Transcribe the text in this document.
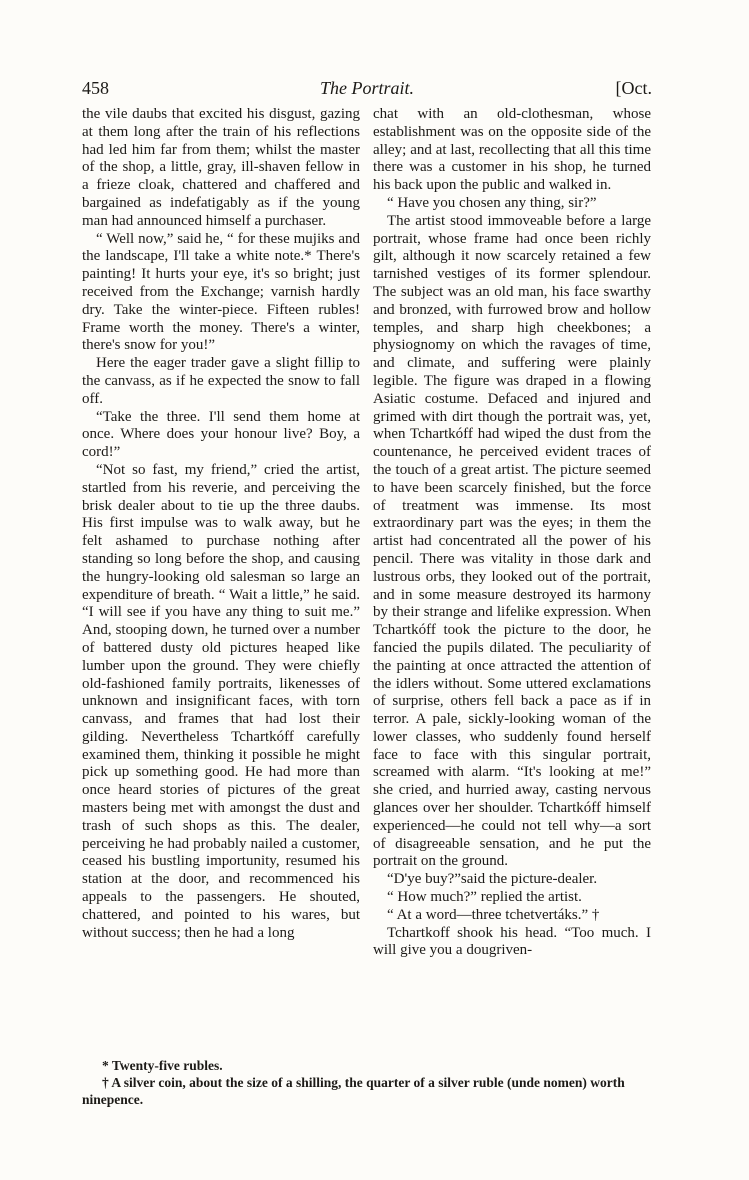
458	The Portrait.	[Oct.

the vile daubs that excited his disgust, gazing at them long after the train of his reflections had led him far from them; whilst the master of the shop, a little, gray, ill-shaven fellow in a frieze cloak, chattered and chaffered and bargained as indefatigably as if the young man had announced himself a purchaser.

“ Well now,” said he, “ for these mujiks and the landscape, I'll take a white note.* There's painting! It hurts your eye, it's so bright; just received from the Exchange; varnish hardly dry. Take the winter-piece. Fifteen rubles! Frame worth the money. There's a winter, there's snow for you!”

Here the eager trader gave a slight fillip to the canvass, as if he expected the snow to fall off.

“Take the three. I'll send them home at once. Where does your honour live? Boy, a cord!”

“Not so fast, my friend,” cried the artist, startled from his reverie, and perceiving the brisk dealer about to tie up the three daubs. His first impulse was to walk away, but he felt ashamed to purchase nothing after standing so long before the shop, and causing the hungry-looking old salesman so large an expenditure of breath. “ Wait a little,” he said. “I will see if you have any thing to suit me.” And, stooping down, he turned over a number of battered dusty old pictures heaped like lumber upon the ground. They were chiefly old-fashioned family portraits, likenesses of unknown and insignificant faces, with torn canvass, and frames that had lost their gilding. Nevertheless Tchartkóff carefully examined them, thinking it possible he might pick up something good. He had more than once heard stories of pictures of the great masters being met with amongst the dust and trash of such shops as this. The dealer, perceiving he had probably nailed a customer, ceased his bustling importunity, resumed his station at the door, and recommenced his appeals to the passengers. He shouted, chattered, and pointed to his wares, but without success; then he had a long

chat with an old-clothesman, whose establishment was on the opposite side of the alley; and at last, recollecting that all this time there was a customer in his shop, he turned his back upon the public and walked in.

“ Have you chosen any thing, sir?”

The artist stood immoveable before a large portrait, whose frame had once been richly gilt, although it now scarcely retained a few tarnished vestiges of its former splendour. The subject was an old man, his face swarthy and bronzed, with furrowed brow and hollow temples, and sharp high cheekbones; a physiognomy on which the ravages of time, and climate, and suffering were plainly legible. The figure was draped in a flowing Asiatic costume. Defaced and injured and grimed with dirt though the portrait was, yet, when Tchartkóff had wiped the dust from the countenance, he perceived evident traces of the touch of a great artist. The picture seemed to have been scarcely finished, but the force of treatment was immense. Its most extraordinary part was the eyes; in them the artist had concentrated all the power of his pencil. There was vitality in those dark and lustrous orbs, they looked out of the portrait, and in some measure destroyed its harmony by their strange and lifelike expression. When Tchartkóff took the picture to the door, he fancied the pupils dilated. The peculiarity of the painting at once attracted the attention of the idlers without. Some uttered exclamations of surprise, others fell back a pace as if in terror. A pale, sickly-looking woman of the lower classes, who suddenly found herself face to face with this singular portrait, screamed with alarm. “It's looking at me!” she cried, and hurried away, casting nervous glances over her shoulder. Tchartkóff himself experienced—he could not tell why—a sort of disagreeable sensation, and he put the portrait on the ground.

“D'ye buy?”said the picture-dealer.

“ How much?” replied the artist.

“ At a word—three tchetvertáks.” †

Tchartkoff shook his head. “Too much. I will give you a dougriven-

* Twenty-five rubles.

† A silver coin, about the size of a shilling, the quarter of a silver ruble (unde nomen) worth ninepence.
